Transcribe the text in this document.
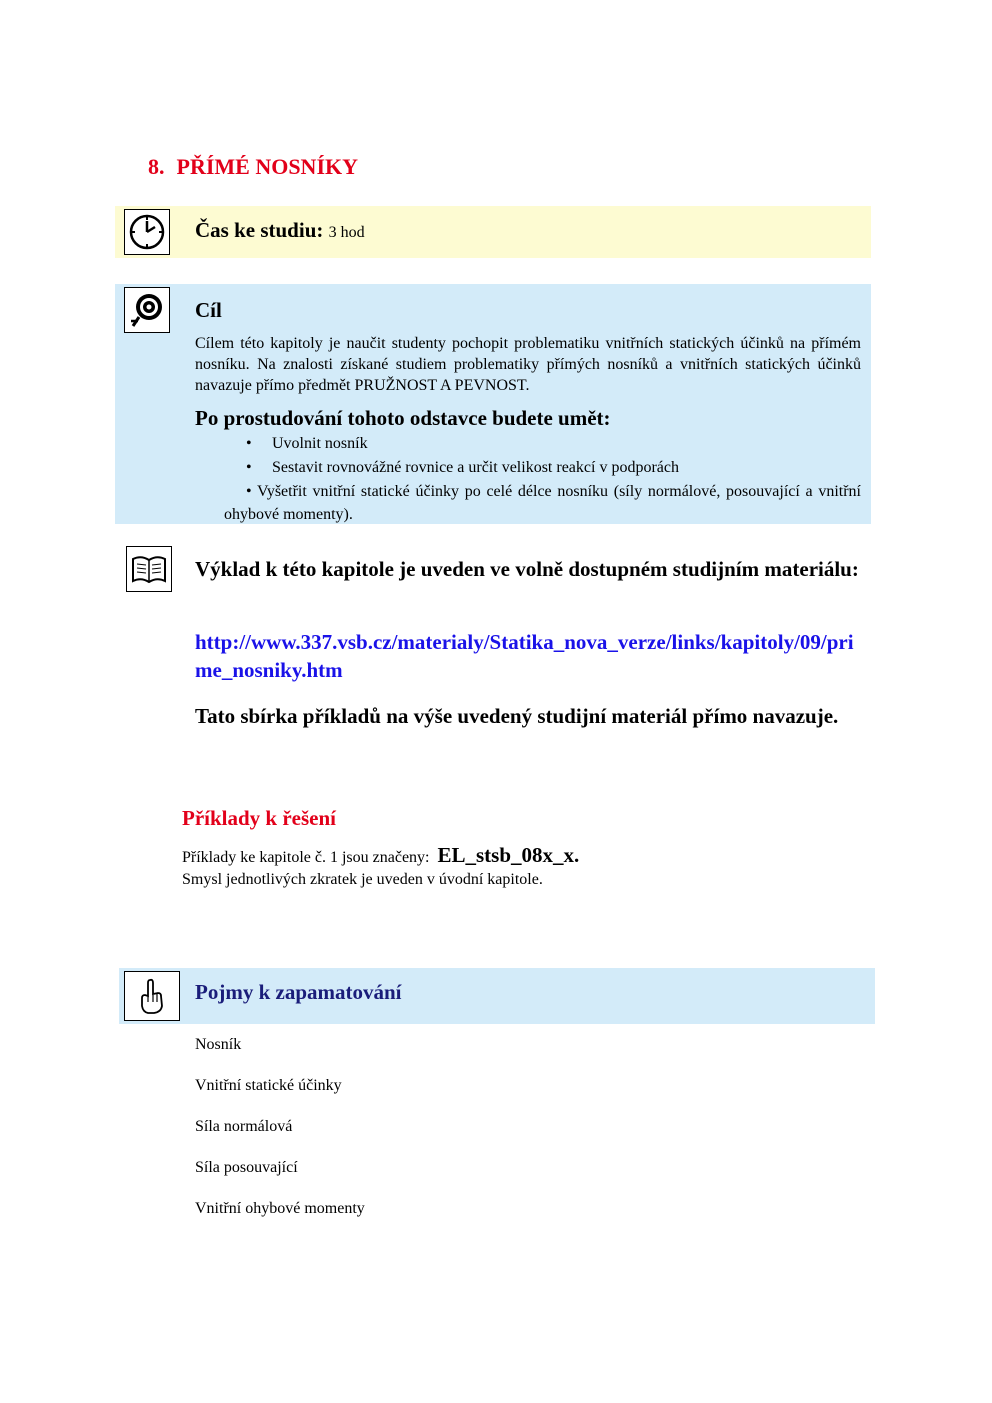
8. PŘÍMÉ NOSNÍKY
Čas ke studiu: 3 hod
Cíl
Cílem této kapitoly je naučit studenty pochopit problematiku vnitřních statických účinků na přímém nosníku. Na znalosti získané studiem problematiky přímých nosníků a vnitřních statických účinků navazuje přímo předmět PRUŽNOST A PEVNOST.
Po prostudování tohoto odstavce budete umět:
• Uvolnit nosník
• Sestavit rovnovážné rovnice a určit velikost reakcí v podporách
• Vyšetřit vnitřní statické účinky po celé délce nosníku (síly normálové, posouvající a vnitřní ohybové momenty).
Výklad k této kapitole je uveden ve volně dostupném studijním materiálu:
http://www.337.vsb.cz/materialy/Statika_nova_verze/links/kapitoly/09/prime_nosniky.htm
Tato sbírka příkladů na výše uvedený studijní materiál přímo navazuje.
Příklady k řešení
Příklady ke kapitole č. 1 jsou značeny: EL_stsb_08x_x.
Smysl jednotlivých zkratek je uveden v úvodní kapitole.
Pojmy k zapamatování
Nosník
Vnitřní statické účinky
Síla normálová
Síla posouvající
Vnitřní ohybové momenty
